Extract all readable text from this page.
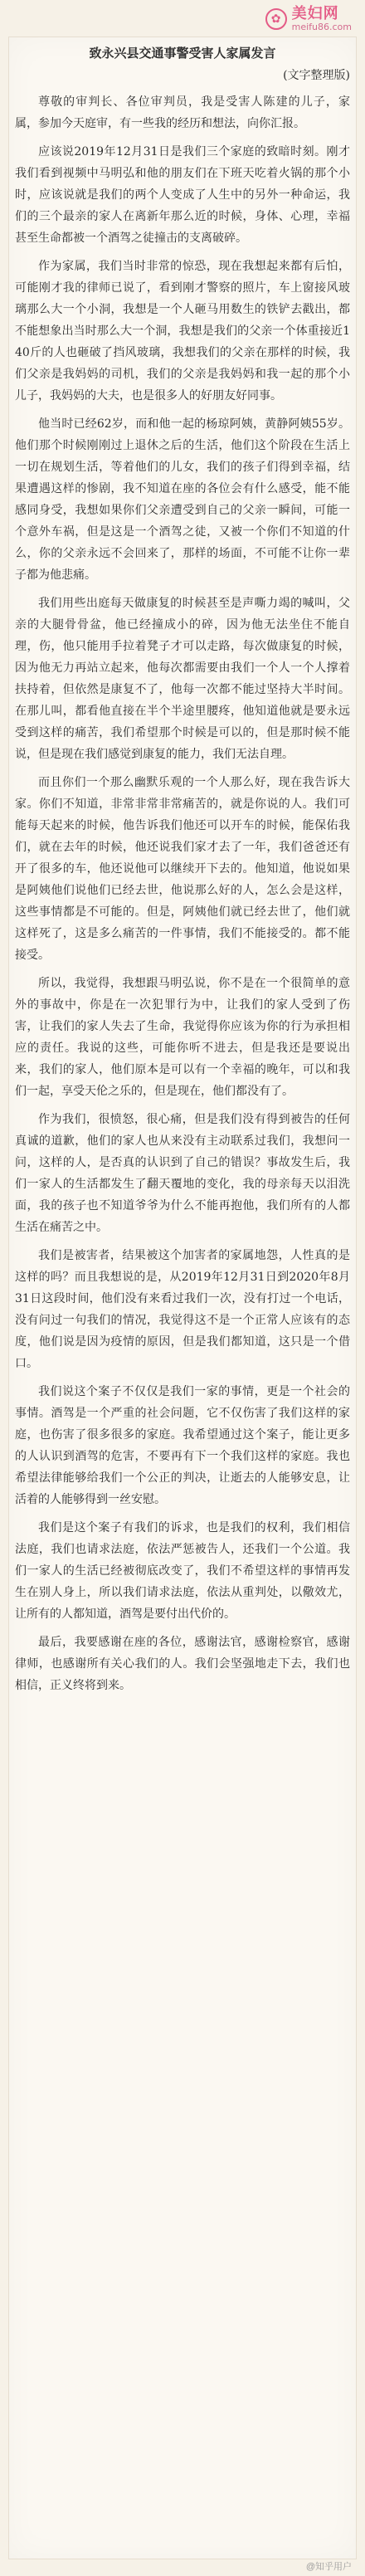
✿ 美妇网
meifu86.com
致永兴县交通事警受害人家属发言
(文字整理版)

尊敬的审判长、各位审判员，我是受害人陈建的儿子，家属，参加今天庭审，有一些我的经历和想法，向你汇报。

应该说2019年12月31日是我们三个家庭的致暗时刻。刚才我们看到视频中马明弘和他的朋友们在下班天吃着火锅的那个小时，应该说就是我们的两个人变成了人生中的另外一种命运，我们的三个最亲的家人在离新年那么近的时候，身体、心理，幸福甚至生命都被一个酒驾之徒撞击的支离破碎。

作为家属，我们当时非常的惊恐，现在我想起来都有后怕，可能刚才我的律师已说了，看到刚才警察的照片，车上窗接风玻璃那么大一个小洞，我想是一个人砸马用数生的铁铲去戳出，都不能想象出当时那么大一个洞，我想是我们的父亲一个体重接近140斤的人也砸破了挡风玻璃，我想我们的父亲在那样的时候，我们父亲是我妈妈的司机，我们的父亲是我妈妈和我一起的那个小儿子，我妈妈的大夫，也是很多人的好朋友好同事。

他当时已经62岁，而和他一起的杨琼阿姨，黄静阿姨55岁。他们那个时候刚刚过上退休之后的生活，他们这个阶段在生活上一切在规划生活，等着他们的儿女，我们的孩子们得到幸福，结果遭遇这样的惨剧，我不知道在座的各位会有什么感受，能不能感同身受，我想如果你们父亲遭受到自己的父亲一瞬间，可能一个意外车祸，但是这是一个酒驾之徒，又被一个你们不知道的什么，你的父亲永远不会回来了，那样的场面，不可能不让你一辈子都为他悲痛。

我们用些出庭每天做康复的时候甚至是声嘶力竭的喊叫，父亲的大腿骨骨盆，他已经撞成小的碎，因为他无法坐住不能自理，伤，他只能用手拉着凳子才可以走路，每次做康复的时候，因为他无力再站立起来，他每次都需要由我们一个人一个人撑着扶持着，但依然是康复不了，他每一次都不能过坚持大半时间。在那儿叫，都看他直接在半个半途里腰疼，他知道他就是要永远受到这样的痛苦，我们希望那个时候是可以的，但是那时候不能说，但是现在我们感觉到康复的能力，我们无法自理。

而且你们一个那么幽默乐观的一个人那么好，现在我告诉大家。你们不知道，非常非常非常痛苦的，就是你说的人。我们可能每天起来的时候，他告诉我们他还可以开车的时候，能保佑我们，就在去年的时候，他还说我们家才去了一年，我们爸爸还有开了很多的车，他还说他可以继续开下去的。他知道，他说如果是阿姨他们说他们已经去世，他说那么好的人，怎么会是这样，这些事情都是不可能的。但是，阿姨他们就已经去世了，他们就这样死了，这是多么痛苦的一件事情，我们不能接受的。都不能接受。

所以，我觉得，我想跟马明弘说，你不是在一个很简单的意外的事故中，你是在一次犯罪行为中，让我们的家人受到了伤害，让我们的家人失去了生命，我觉得你应该为你的行为承担相应的责任。我说的这些，可能你听不进去，但是我还是要说出来，我们的家人，他们原本是可以有一个幸福的晚年，可以和我们一起，享受天伦之乐的，但是现在，他们都没有了。

作为我们，很愤怒，很心痛，但是我们没有得到被告的任何真诚的道歉，他们的家人也从来没有主动联系过我们，我想问一问，这样的人，是否真的认识到了自己的错误？事故发生后，我们一家人的生活都发生了翻天覆地的变化，我的母亲每天以泪洗面，我的孩子也不知道爷爷为什么不能再抱他，我们所有的人都生活在痛苦之中。

我们是被害者，结果被这个加害者的家属地怨，人性真的是这样的吗？而且我想说的是，从2019年12月31日到2020年8月31日这段时间，他们没有来看过我们一次，没有打过一个电话，没有问过一句我们的情况，我觉得这不是一个正常人应该有的态度，他们说是因为疫情的原因，但是我们都知道，这只是一个借口。

我们说这个案子不仅仅是我们一家的事情，更是一个社会的事情。酒驾是一个严重的社会问题，它不仅伤害了我们这样的家庭，也伤害了很多很多的家庭。我希望通过这个案子，能让更多的人认识到酒驾的危害，不要再有下一个我们这样的家庭。我也希望法律能够给我们一个公正的判决，让逝去的人能够安息，让活着的人能够得到一丝安慰。

我们是这个案子有我们的诉求，也是我们的权利，我们相信法庭，我们也请求法庭，依法严惩被告人，还我们一个公道。我们一家人的生活已经被彻底改变了，我们不希望这样的事情再发生在别人身上，所以我们请求法庭，依法从重判处，以儆效尤，让所有的人都知道，酒驾是要付出代价的。

最后，我要感谢在座的各位，感谢法官，感谢检察官，感谢律师，也感谢所有关心我们的人。我们会坚强地走下去，我们也相信，正义终将到来。

@知乎用户
